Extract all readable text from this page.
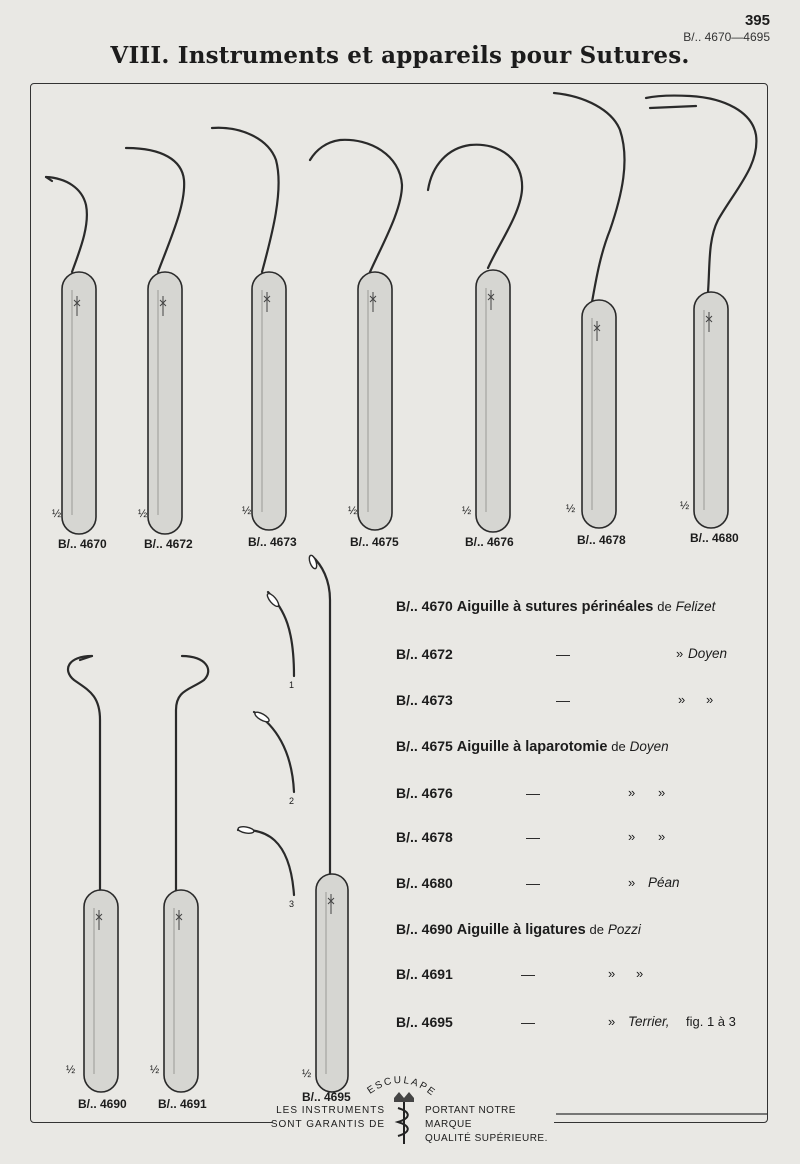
395
B/.. 4670—4695
VIII. Instruments et appareils pour Sutures.
½
B/.. 4670
½
B/.. 4672
½
B/.. 4673
½
B/.. 4675
½
B/.. 4676
½
B/.. 4678
½
B/.. 4680
½
B/.. 4690
½
B/.. 4691
½
B/.. 4695
1
2
3
B/.. 4670 Aiguille à sutures périnéales de Felizet
B/.. 4672	—	» Doyen
B/.. 4673	—	» »
B/.. 4675 Aiguille à laparotomie de Doyen
B/.. 4676	—	» »
B/.. 4678	—	» »
B/.. 4680	—	» Péan
B/.. 4690 Aiguille à ligatures de Pozzi
B/.. 4691	—	» »
B/.. 4695	—	» Terrier, fig. 1 à 3
ESCULAPE
LES INSTRUMENTS
SONT GARANTIS DE
PORTANT NOTRE MARQUE
QUALITÉ SUPÉRIEURE.
